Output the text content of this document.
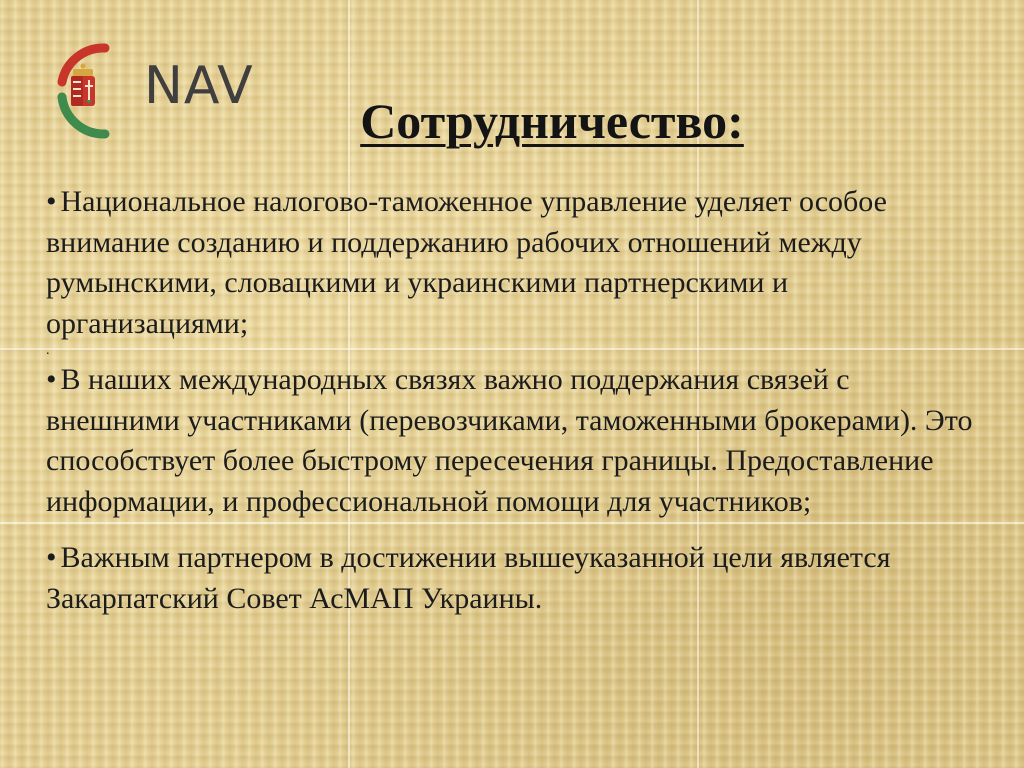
NAV
Сотрудничество:

• Национальное налогово-таможенное управление уделяет особое внимание созданию и поддержанию рабочих отношений между румынскими, словацкими и украинскими партнерскими и организациями;

.

• В наших международных связях важно поддержания связей с внешними участниками (перевозчиками, таможенными брокерами). Это способствует более быстрому пересечения границы. Предоставление информации, и профессиональной помощи для участников;

• Важным партнером в достижении вышеуказанной цели является Закарпатский Совет АсМАП Украины.
